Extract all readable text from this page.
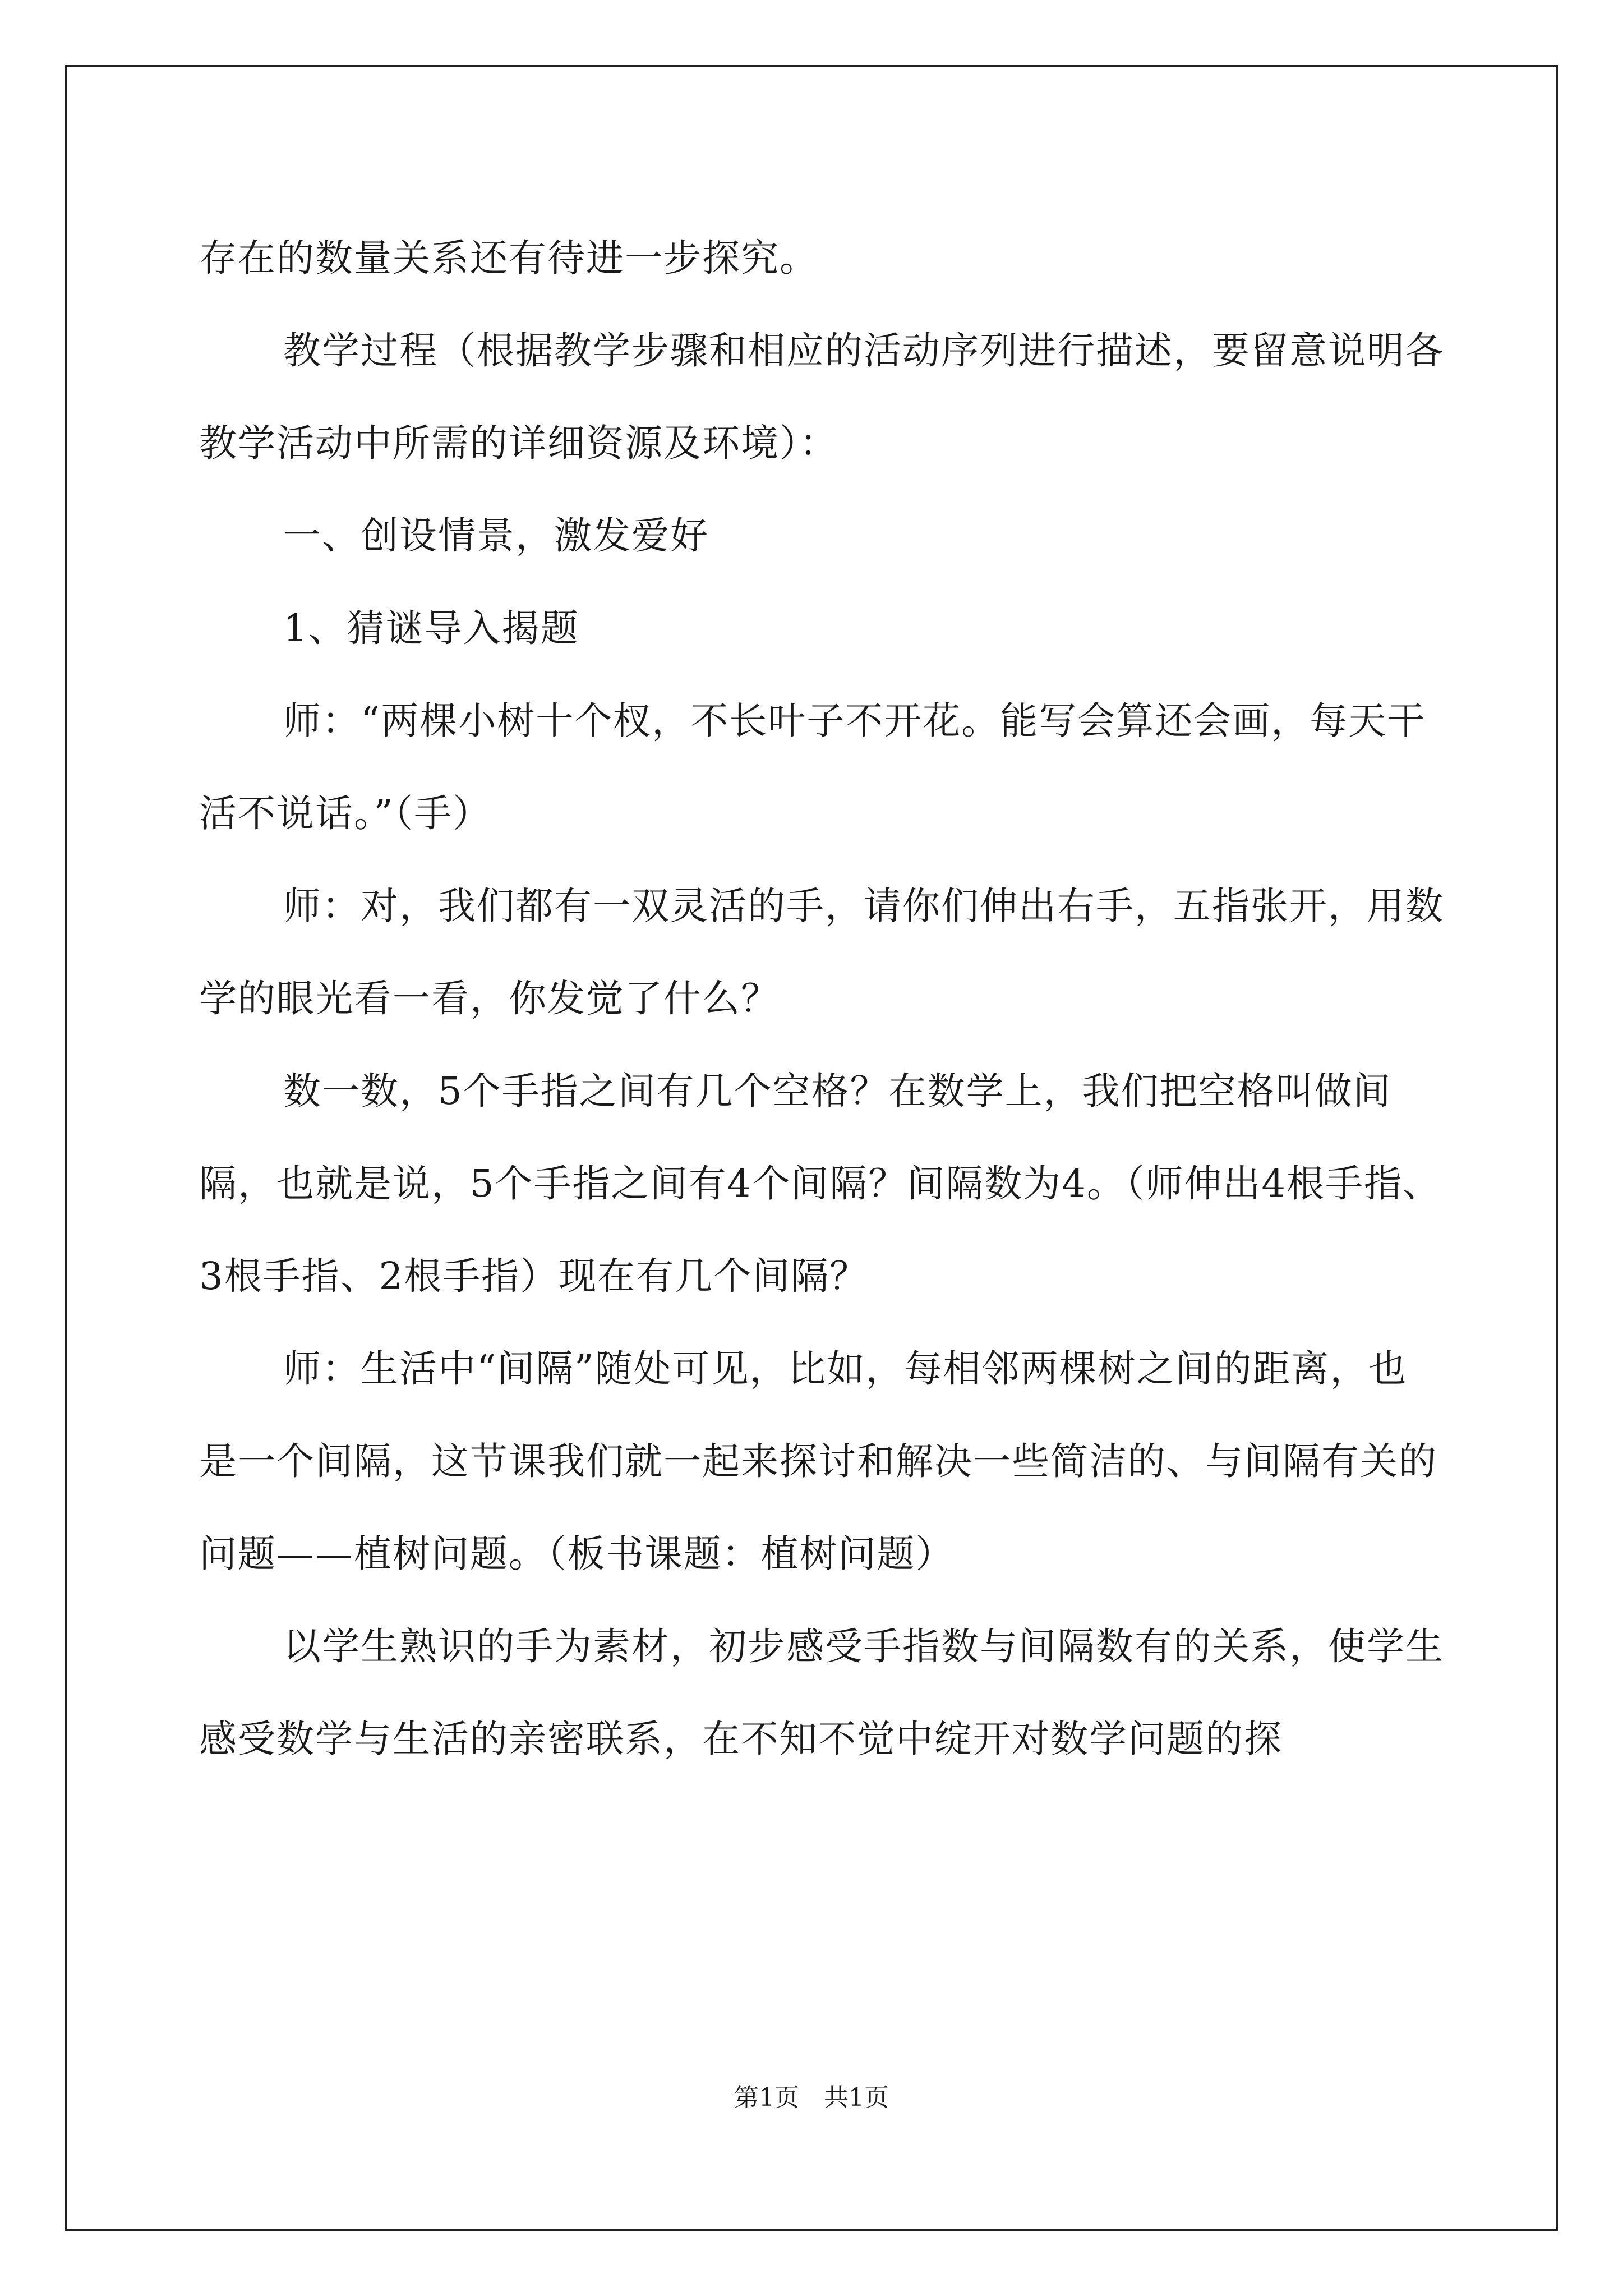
存在的数量关系还有待进一步探究。

教学过程（根据教学步骤和相应的活动序列进行描述，要留意说明各教学活动中所需的详细资源及环境）：

一、创设情景，激发爱好

1、猜谜导入揭题

师：“两棵小树十个杈，不长叶子不开花。能写会算还会画，每天干活不说话。”（手）

师：对，我们都有一双灵活的手，请你们伸出右手，五指张开，用数学的眼光看一看，你发觉了什么？

数一数，5个手指之间有几个空格？在数学上，我们把空格叫做间隔，也就是说，5个手指之间有4个间隔？间隔数为4。（师伸出4根手指、3根手指、2根手指）现在有几个间隔？

师：生活中“间隔”随处可见，比如，每相邻两棵树之间的距离，也是一个间隔，这节课我们就一起来探讨和解决一些简洁的、与间隔有关的问题——植树问题。（板书课题：植树问题）

以学生熟识的手为素材，初步感受手指数与间隔数有的关系，使学生感受数学与生活的亲密联系，在不知不觉中绽开对数学问题的探

第1页　共1页
